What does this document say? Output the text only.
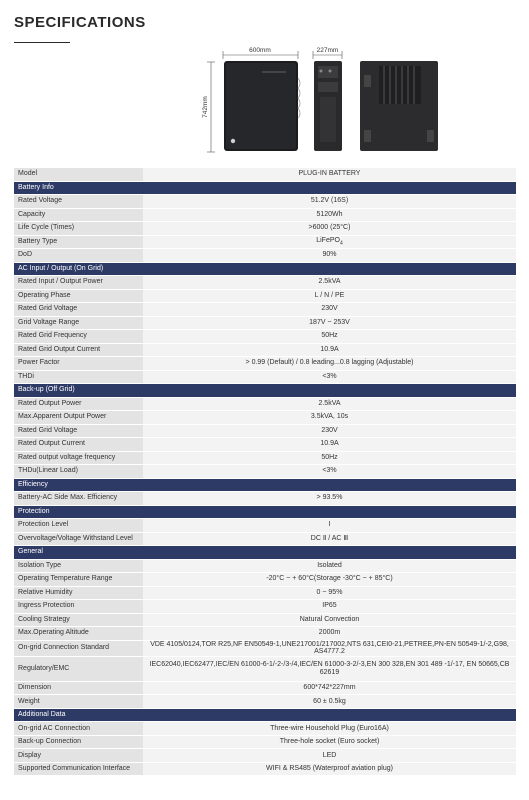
SPECIFICATIONS
600mm	227mm
742mm
Model	PLUG-IN BATTERY
Battery Info	
Rated Voltage	51.2V (16S)
Capacity	5120Wh
Life Cycle (Times)	>6000 (25°C)
Battery Type	LiFePO$_4$
DoD	90%
AC Input / Output (On Grid)	
Rated Input / Output Power	2.5kVA
Operating Phase	L / N / PE
Rated Grid Voltage	230V
Grid Voltage Range	187V ~ 253V
Rated Grid Frequency	50Hz
Rated Grid Output Current	10.9A
Power Factor	> 0.99 (Default) / 0.8 leading...0.8 lagging (Adjustable)
THDi	<3%
Back-up (Off Grid)	
Rated Output Power	2.5kVA
Max.Apparent Output Power	3.5kVA, 10s
Rated Grid Voltage	230V
Rated Output Current	10.9A
Rated output voltage frequency	50Hz
THDu(Linear Load)	<3%
Efficiency	
Battery-AC Side Max. Efficiency	> 93.5%
Protection	
Protection Level	I
Overvoltage/Voltage Withstand Level	DC Ⅱ / AC Ⅲ
General	
Isolation Type	Isolated
Operating Temperature Range	-20°C ~ + 60°C(Storage -30°C ~ + 85°C)
Relative Humidity	0 ~ 95%
Ingress Protection	IP65
Cooling Strategy	Natural Convection
Max.Operating Altitude	2000m
On-grid Connection Standard	VDE 4105/0124,TOR R25,NF EN50549-1,UNE217001/217002,NTS 631,CEI0-21,PETREE,PN-EN 50549-1/-2,G98, AS4777.2
Regulatory/EMC	IEC62040,IEC62477,IEC/EN 61000-6-1/-2-/3-/4,IEC/EN 61000-3-2/-3,EN 300 328,EN 301 489 -1/-17, EN 50665,CB 62619
Dimension	600*742*227mm
Weight	60 ± 0.5kg
Additional Data	
On-grid AC Connection	Three-wire Household Plug (Euro16A)
Back-up Connection	Three-hole socket (Euro socket)
Display	LED
Supported Communication Interface	WIFI & RS485 (Waterproof aviation plug)
